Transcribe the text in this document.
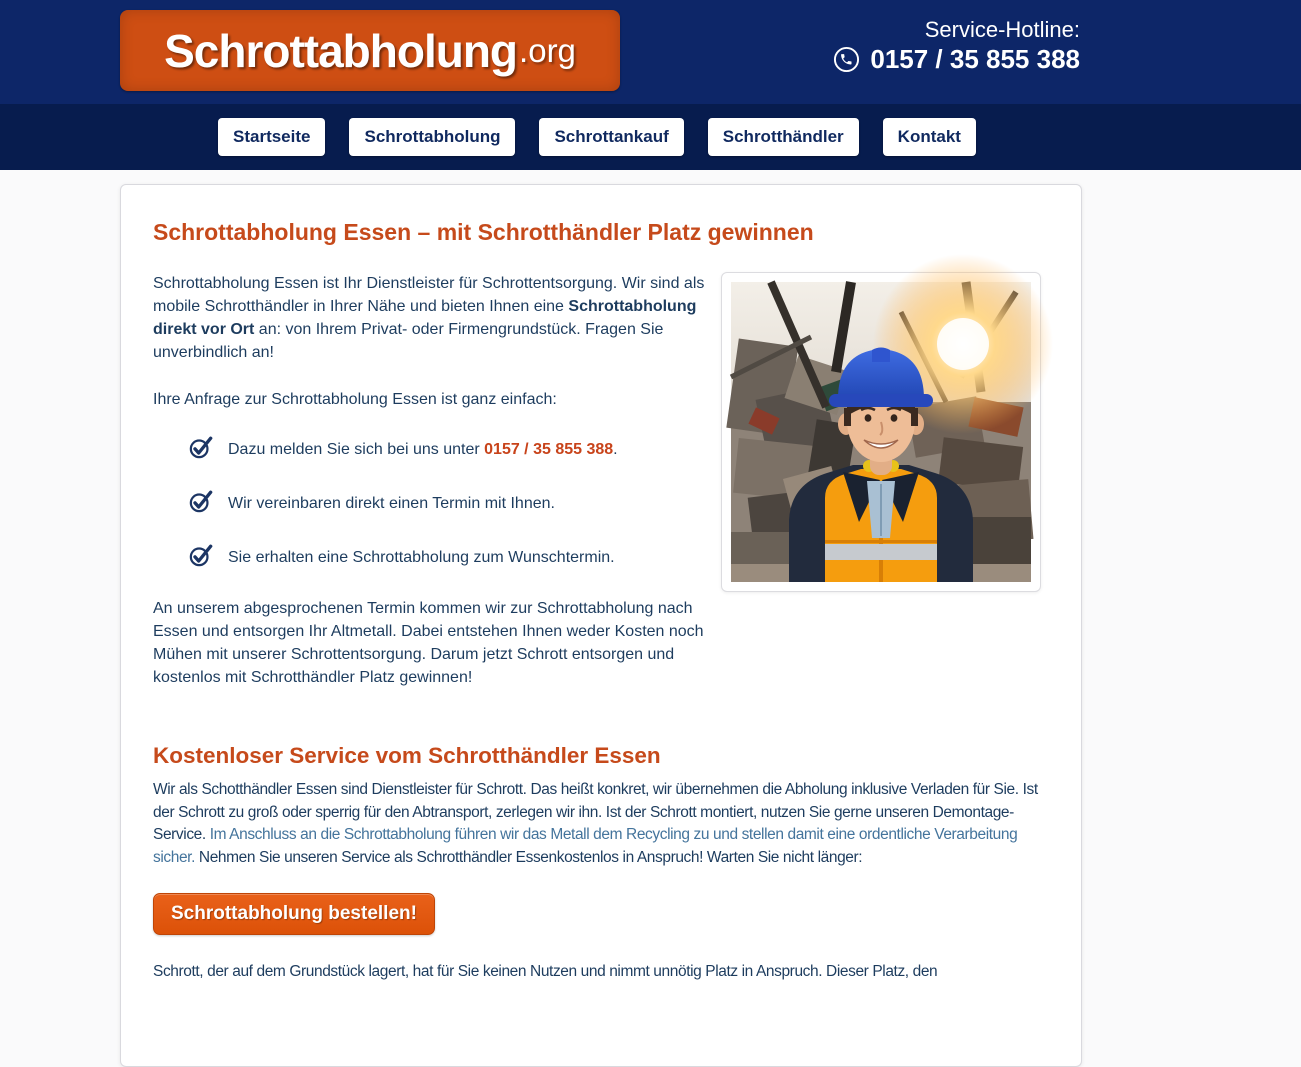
Schrottabholung .org
Service-Hotline:
0157 / 35 855 388
Startseite	Schrottabholung	Schrottankauf	Schrotthändler	Kontakt
Schrottabholung Essen – mit Schrotthändler Platz gewinnen

Schrottabholung Essen ist Ihr Dienstleister für Schrottentsorgung. Wir sind als mobile Schrotthändler in Ihrer Nähe und bieten Ihnen eine Schrottabholung direkt vor Ort an: von Ihrem Privat- oder Firmengrundstück. Fragen Sie unverbindlich an!

Ihre Anfrage zur Schrottabholung Essen ist ganz einfach:

Dazu melden Sie sich bei uns unter 0157 / 35 855 388.
Wir vereinbaren direkt einen Termin mit Ihnen.
Sie erhalten eine Schrottabholung zum Wunschtermin.

An unserem abgesprochenen Termin kommen wir zur Schrottabholung nach Essen und entsorgen Ihr Altmetall. Dabei entstehen Ihnen weder Kosten noch Mühen mit unserer Schrottentsorgung. Darum jetzt Schrott entsorgen und kostenlos mit Schrotthändler Platz gewinnen!

Kostenloser Service vom Schrotthändler Essen

Wir als Schotthändler Essen sind Dienstleister für Schrott. Das heißt konkret, wir übernehmen die Abholung inklusive Verladen für Sie. Ist der Schrott zu groß oder sperrig für den Abtransport, zerlegen wir ihn. Ist der Schrott montiert, nutzen Sie gerne unseren Demontage-Service. Im Anschluss an die Schrottabholung führen wir das Metall dem Recycling zu und stellen damit eine ordentliche Verarbeitung sicher. Nehmen Sie unseren Service als Schrotthändler Essenkostenlos in Anspruch! Warten Sie nicht länger:

Schrottabholung bestellen!

Schrott, der auf dem Grundstück lagert, hat für Sie keinen Nutzen und nimmt unnötig Platz in Anspruch. Dieser Platz, den
